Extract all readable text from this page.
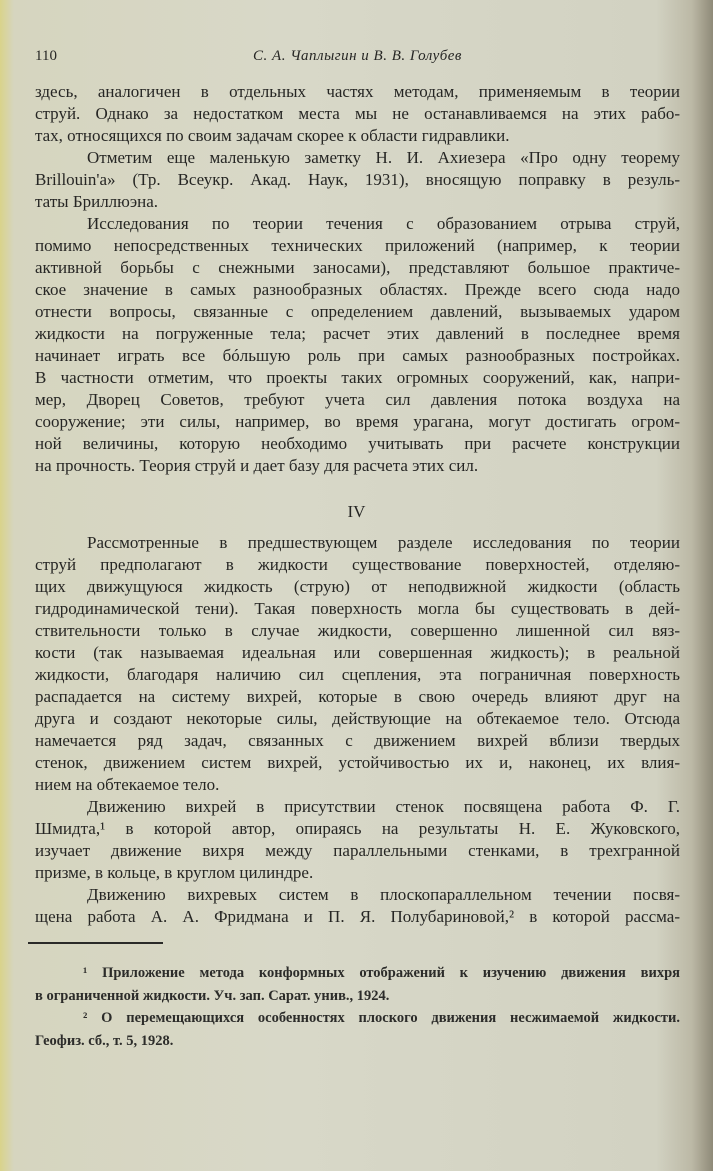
110	С. А. Чаплыгин и В. В. Голубев
здесь, аналогичен в отдельных частях методам, применяемым в теории
струй. Однако за недостатком места мы не останавливаемся на этих рабо-
тах, относящихся по своим задачам скорее к области гидравлики.
Отметим еще маленькую заметку Н. И. Ахиезера «Про одну теорему
Brillouin'a» (Тр. Всеукр. Акад. Наук, 1931), вносящую поправку в резуль-
таты Бриллюэна.
Исследования по теории течения с образованием отрыва струй,
помимо непосредственных технических приложений (например, к теории
активной борьбы с снежными заносами), представляют большое практиче-
ское значение в самых разнообразных областях. Прежде всего сюда надо
отнести вопросы, связанные с определением давлений, вызываемых ударом
жидкости на погруженные тела; расчет этих давлений в последнее время
начинает играть все бóльшую роль при самых разнообразных постройках.
В частности отметим, что проекты таких огромных сооружений, как, напри-
мер, Дворец Советов, требуют учета сил давления потока воздуха на
сооружение; эти силы, например, во время урагана, могут достигать огром-
ной величины, которую необходимо учитывать при расчете конструкции
на прочность. Теория струй и дает базу для расчета этих сил.
IV
Рассмотренные в предшествующем разделе исследования по теории
струй предполагают в жидкости существование поверхностей, отделяю-
щих движущуюся жидкость (струю) от неподвижной жидкости (область
гидродинамической тени). Такая поверхность могла бы существовать в дей-
ствительности только в случае жидкости, совершенно лишенной сил вяз-
кости (так называемая идеальная или совершенная жидкость); в реальной
жидкости, благодаря наличию сил сцепления, эта пограничная поверхность
распадается на систему вихрей, которые в свою очередь влияют друг на
друга и создают некоторые силы, действующие на обтекаемое тело. Отсюда
намечается ряд задач, связанных с движением вихрей вблизи твердых
стенок, движением систем вихрей, устойчивостью их и, наконец, их влия-
нием на обтекаемое тело.
Движению вихрей в присутствии стенок посвящена работа Ф. Г.
Шмидта,¹ в которой автор, опираясь на результаты Н. Е. Жуковского,
изучает движение вихря между параллельными стенками, в трехгранной
призме, в кольце, в круглом цилиндре.
Движению вихревых систем в плоскопараллельном течении посвя-
щена работа А. А. Фридмана и П. Я. Полубариновой,² в которой рассма-
¹ Приложение метода конформных отображений к изучению движения вихря
в ограниченной жидкости. Уч. зап. Сарат. унив., 1924.
² О перемещающихся особенностях плоского движения несжимаемой жидкости.
Геофиз. сб., т. 5, 1928.
